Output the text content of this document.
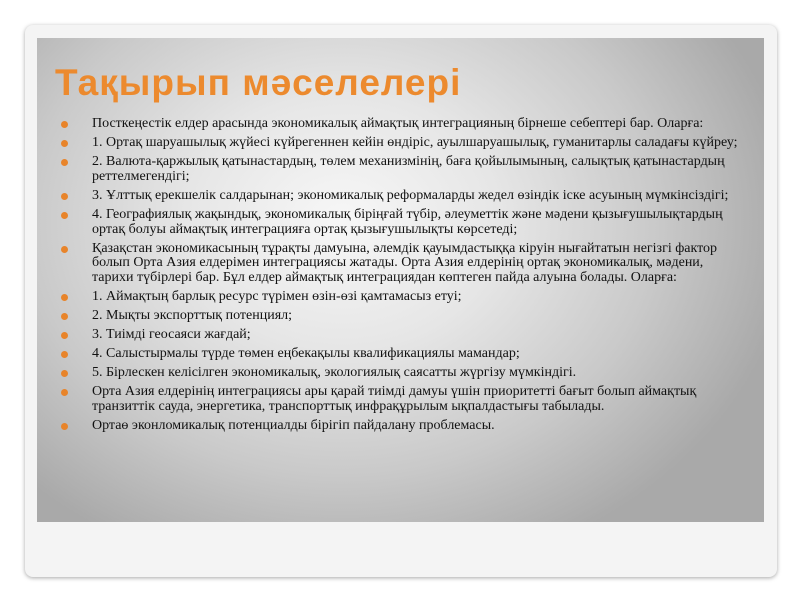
Тақырып мәселелері
Посткеңестік елдер арасында экономикалық аймақтық интеграцияның бірнеше себептері бар. Оларға:
1. Ортақ шаруашылық жүйесі күйрегеннен кейін өндіріс, ауылшаруашылық, гуманитарлы саладағы күйреу;
2. Валюта-қаржылық қатынастардың, төлем механизмінің, баға қойылымының, салықтық қатынастардың реттелмегендігі;
3. Ұлттық ерекшелік салдарынан; экономикалық реформаларды жедел өзіндік іске асуының мүмкінсіздігі;
4. Географиялық жақындық, экономикалық біріңғай түбір, әлеуметтік және мәдени қызығушылықтардың ортақ болуы аймақтық интеграцияға ортақ қызығушылықты көрсетеді;
Қазақстан экономикасының тұрақты дамуына, әлемдік қауымдастыққа кіруін нығайтатын негізгі фактор болып Орта Азия елдерімен интеграциясы жатады. Орта Азия елдерінің ортақ экономикалық, мәдени, тарихи түбірлері бар. Бұл елдер аймақтық интеграциядан көптеген пайда алуына болады. Оларға:
1. Аймақтың барлық ресурс түрімен өзін-өзі қамтамасыз етуі;
2. Мықты экспорттық потенциял;
3. Тиімді геосаяси жағдай;
4. Салыстырмалы түрде төмен еңбекақылы квалификациялы мамандар;
5. Бірлескен келісілген экономикалық, экологиялық саясатты жүргізу мүмкіндігі.
Орта Азия елдерінің интеграциясы ары қарай тиімді дамуы үшін приоритетті бағыт болып аймақтық транзиттік сауда, энергетика, транспорттық инфрақұрылым ықпалдастығы табылады.
Ортаө эконломикалық потенциалды бірігіп пайдалану проблемасы.
